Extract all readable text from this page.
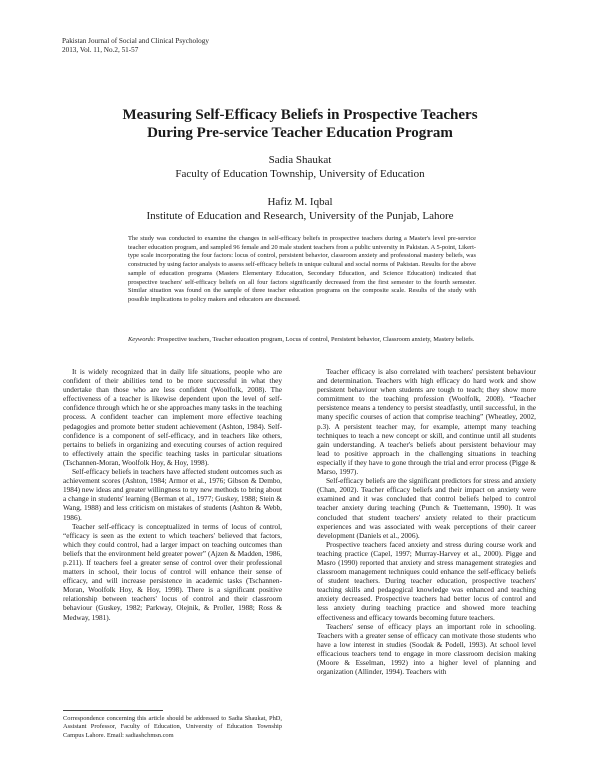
Pakistan Journal of Social and Clinical Psychology
2013, Vol. 11, No.2, 51-57
Measuring Self-Efficacy Beliefs in Prospective Teachers
During Pre-service Teacher Education Program

Sadia Shaukat

Faculty of Education Township, University of Education

Hafiz M. Iqbal

Institute of Education and Research, University of the Punjab, Lahore

The study was conducted to examine the changes in self-efficacy beliefs in prospective teachers during a Master's level pre-service teacher education program, and sampled 96 female and 20 male student teachers from a public university in Pakistan. A 5-point, Likert-type scale incorporating the four factors: locus of control, persistent behavior, classroom anxiety and professional mastery beliefs, was constructed by using factor analysis to assess self-efficacy beliefs in unique cultural and social norms of Pakistan. Results for the above sample of education programs (Masters Elementary Education, Secondary Education, and Science Education) indicated that prospective teachers' self-efficacy beliefs on all four factors significantly decreased from the first semester to the fourth semester. Similar situation was found on the sample of three teacher education programs on the composite scale. Results of the study with possible implications to policy makers and educators are discussed.

Keywords: Prospective teachers, Teacher education program, Locus of control, Persistent behavior, Classroom anxiety, Mastery beliefs.

It is widely recognized that in daily life situations, people who are confident of their abilities tend to be more successful in what they undertake than those who are less confident (Woolfolk, 2008). The effectiveness of a teacher is likewise dependent upon the level of self-confidence through which he or she approaches many tasks in the teaching process. A confident teacher can implement more effective teaching pedagogies and promote better student achievement (Ashton, 1984). Self-confidence is a component of self-efficacy, and in teachers like others, pertains to beliefs in organizing and executing courses of action required to effectively attain the specific teaching tasks in particular situations (Tschannen-Moran, Woolfolk Hoy, & Hoy, 1998).

Self-efficacy beliefs in teachers have affected student outcomes such as achievement scores (Ashton, 1984; Armor et al., 1976; Gibson & Dembo, 1984) new ideas and greater willingness to try new methods to bring about a change in students' learning (Berman et al., 1977; Guskey, 1988; Stein & Wang, 1988) and less criticism on mistakes of students (Ashton & Webb, 1986).

Teacher self-efficacy is conceptualized in terms of locus of control, “efficacy is seen as the extent to which teachers' believed that factors, which they could control, had a larger impact on teaching outcomes than beliefs that the environment held greater power” (Ajzen & Madden, 1986, p.211). If teachers feel a greater sense of control over their professional matters in school, their locus of control will enhance their sense of efficacy, and will increase persistence in academic tasks (Tschannen-Moran, Woolfolk Hoy, & Hoy, 1998). There is a significant positive relationship between teachers' locus of control and their classroom behaviour (Guskey, 1982; Parkway, Olejnik, & Proller, 1988; Ross & Medway, 1981).

Teacher efficacy is also correlated with teachers' persistent behaviour and determination. Teachers with high efficacy do hard work and show persistent behaviour when students are tough to teach; they show more commitment to the teaching profession (Woolfolk, 2008). “Teacher persistence means a tendency to persist steadfastly, until successful, in the many specific courses of action that comprise teaching” (Wheatley, 2002, p.3). A persistent teacher may, for example, attempt many teaching techniques to teach a new concept or skill, and continue until all students gain understanding. A teacher's beliefs about persistent behaviour may lead to positive approach in the challenging situations in teaching especially if they have to gone through the trial and error process (Pigge & Marso, 1997).

Self-efficacy beliefs are the significant predictors for stress and anxiety (Chan, 2002). Teacher efficacy beliefs and their impact on anxiety were examined and it was concluded that control beliefs helped to control teacher anxiety during teaching (Punch & Tuettemann, 1990). It was concluded that student teachers' anxiety related to their practicum experiences and was associated with weak perceptions of their career development (Daniels et al., 2006).

Prospective teachers faced anxiety and stress during course work and teaching practice (Capel, 1997; Murray-Harvey et al., 2000). Pigge and Masro (1990) reported that anxiety and stress management strategies and classroom management techniques could enhance the self-efficacy beliefs of student teachers. During teacher education, prospective teachers' teaching skills and pedagogical knowledge was enhanced and teaching anxiety decreased. Prospective teachers had better locus of control and less anxiety during teaching practice and showed more teaching effectiveness and efficacy towards becoming future teachers.

Teachers' sense of efficacy plays an important role in schooling. Teachers with a greater sense of efficacy can motivate those students who have a low interest in studies (Soodak & Podell, 1993). At school level efficacious teachers tend to engage in more classroom decision making (Moore & Esselman, 1992) into a higher level of planning and organization (Allinder, 1994). Teachers with

Correspondence concerning this article should be addressed to Sadia Shaukat, PhD, Assistant Professor, Faculty of Education, University of Education Township Campus Lahore. Email: sadiashchmsn.com
